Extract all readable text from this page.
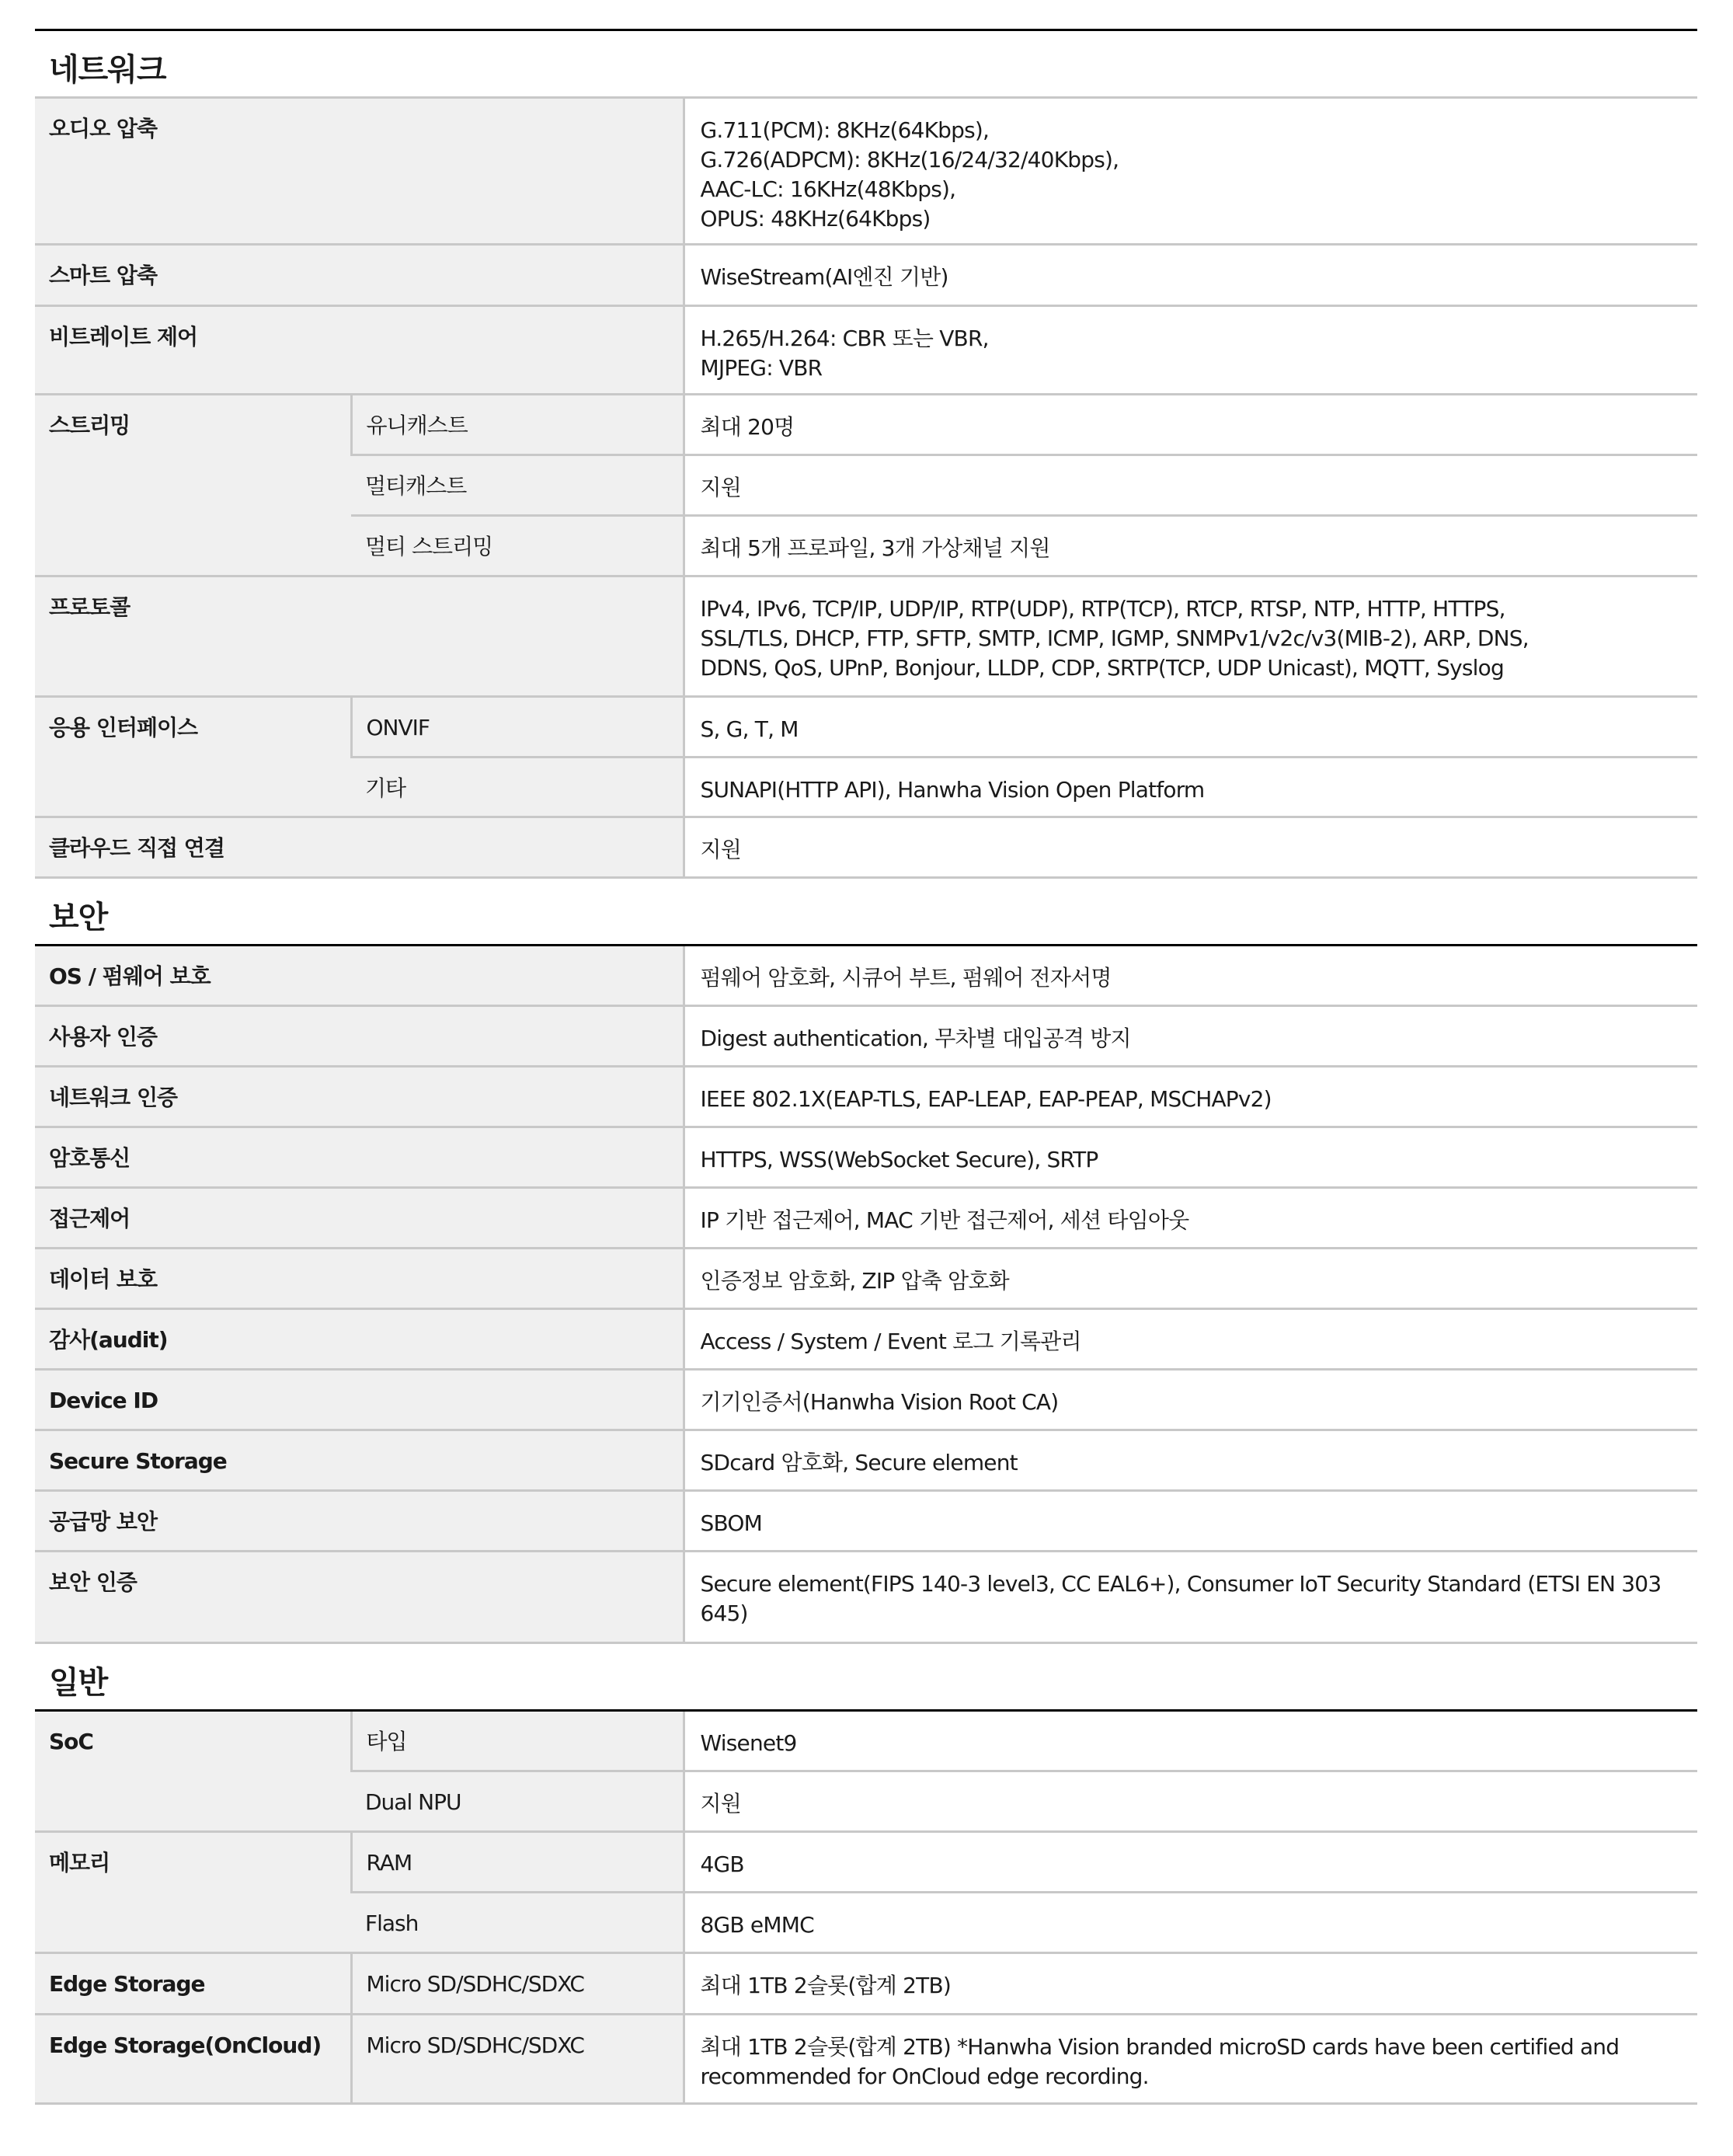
네트워크		

오디오 압축		G.711(PCM): 8KHz(64Kbps),
G.726(ADPCM): 8KHz(16/24/32/40Kbps),
AAC-LC: 16KHz(48Kbps),
OPUS: 48KHz(64Kbps)

스마트 압축		WiseStream(AI엔진 기반)
비트레이트 제어		H.265/H.264: CBR 또는 VBR,
MJPEG: VBR

스트리밍	유니캐스트	최대 20명
	멀티캐스트	지원
	멀티 스트리밍	최대 5개 프로파일, 3개 가상채널 지원
프로토콜		IPv4, IPv6, TCP/IP, UDP/IP, RTP(UDP), RTP(TCP), RTCP, RTSP, NTP, HTTP, HTTPS,
SSL/TLS, DHCP, FTP, SFTP, SMTP, ICMP, IGMP, SNMPv1/v2c/v3(MIB-2), ARP, DNS,
DDNS, QoS, UPnP, Bonjour, LLDP, CDP, SRTP(TCP, UDP Unicast), MQTT, Syslog

응용 인터페이스	ONVIF	S, G, T, M
	기타	SUNAPI(HTTP API), Hanwha Vision Open Platform
클라우드 직접 연결		지원

보안		

OS / 펌웨어 보호		펌웨어 암호화, 시큐어 부트, 펌웨어 전자서명
사용자 인증		Digest authentication, 무차별 대입공격 방지
네트워크 인증		IEEE 802.1X(EAP-TLS, EAP-LEAP, EAP-PEAP, MSCHAPv2)
암호통신		HTTPS, WSS(WebSocket Secure), SRTP
접근제어		IP 기반 접근제어, MAC 기반 접근제어, 세션 타임아웃
데이터 보호		인증정보 암호화, ZIP 압축 암호화
감사(audit)		Access / System / Event 로그 기록관리
Device ID		기기인증서(Hanwha Vision Root CA)
Secure Storage		SDcard 암호화, Secure element
공급망 보안		SBOM
보안 인증		Secure element(FIPS 140-3 level3, CC EAL6+), Consumer IoT Security Standard (ETSI EN 303 645)

일반		

SoC	타입	Wisenet9
	Dual NPU	지원
메모리	RAM	4GB
	Flash	8GB eMMC
Edge Storage	Micro SD/SDHC/SDXC	최대 1TB 2슬롯(합계 2TB)
Edge Storage(OnCloud)	Micro SD/SDHC/SDXC	최대 1TB 2슬롯(합계 2TB) *Hanwha Vision branded microSD cards have been certified and recommended for OnCloud edge recording.
